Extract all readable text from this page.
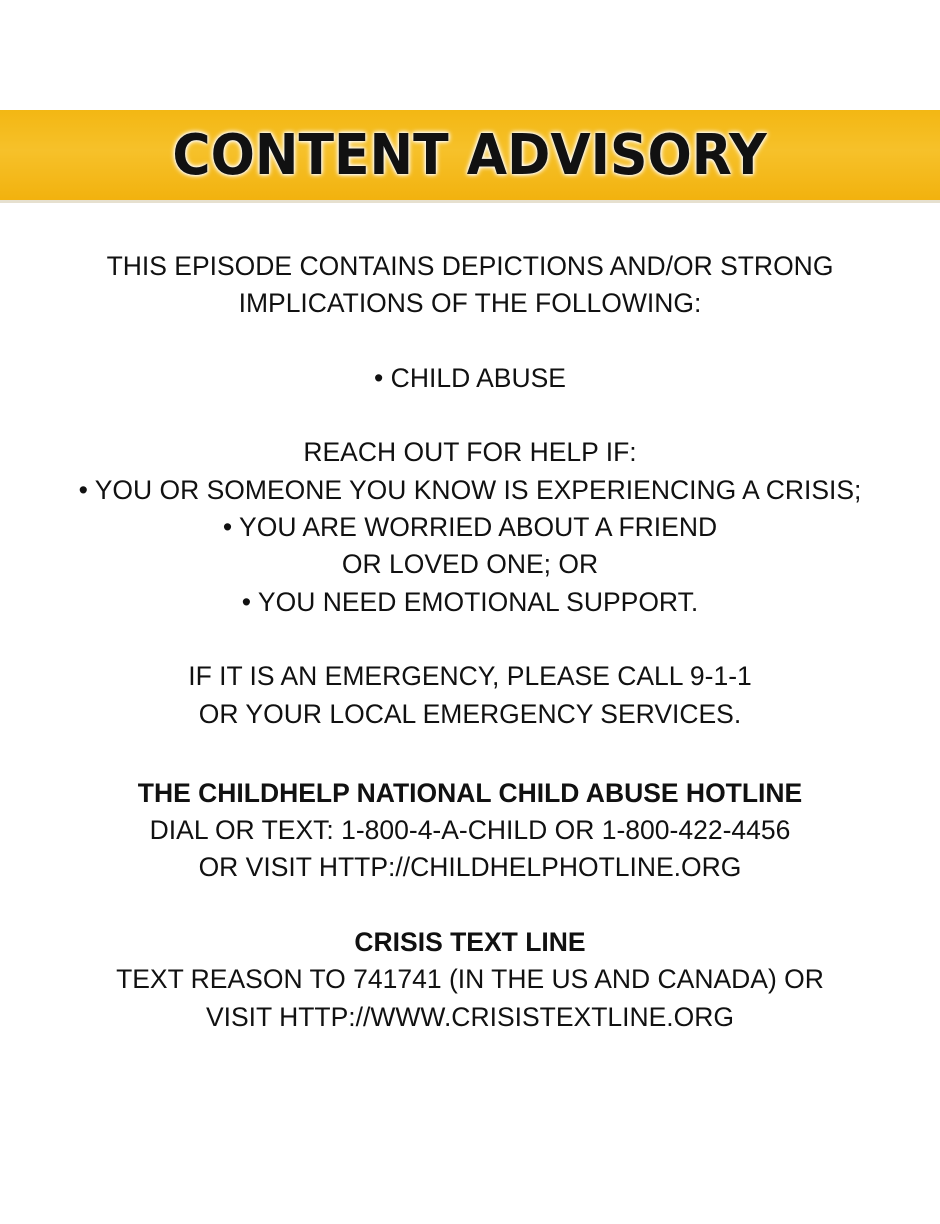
CONTENT ADVISORY
THIS EPISODE CONTAINS DEPICTIONS AND/OR STRONG
IMPLICATIONS OF THE FOLLOWING:
• CHILD ABUSE
REACH OUT FOR HELP IF:
• YOU OR SOMEONE YOU KNOW IS EXPERIENCING A CRISIS;
• YOU ARE WORRIED ABOUT A FRIEND
OR LOVED ONE; OR
• YOU NEED EMOTIONAL SUPPORT.
IF IT IS AN EMERGENCY, PLEASE CALL 9-1-1
OR YOUR LOCAL EMERGENCY SERVICES.
THE CHILDHELP NATIONAL CHILD ABUSE HOTLINE
DIAL OR TEXT: 1-800-4-A-CHILD OR 1-800-422-4456
OR VISIT HTTP://CHILDHELPHOTLINE.ORG
CRISIS TEXT LINE
TEXT REASON TO 741741 (IN THE US AND CANADA) OR
VISIT HTTP://WWW.CRISISTEXTLINE.ORG
